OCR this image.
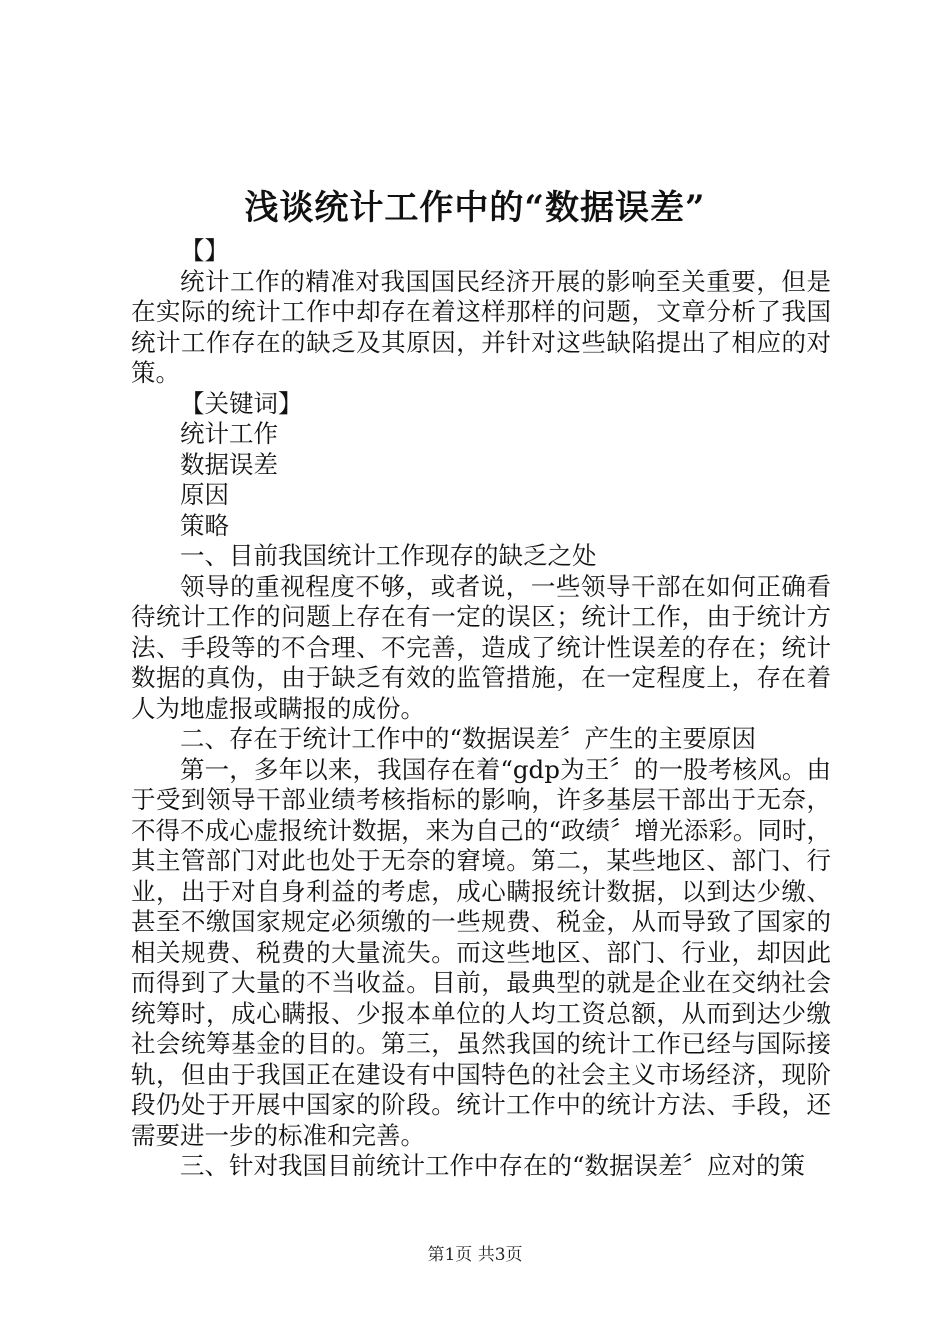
浅谈统计工作中的“数据误差”

【】

统计工作的精准对我国国民经济开展的影响至关重要，但是在实际的统计工作中却存在着这样那样的问题，文章分析了我国统计工作存在的缺乏及其原因，并针对这些缺陷提出了相应的对策。

【关键词】

统计工作

数据误差

原因

策略

一、目前我国统计工作现存的缺乏之处

领导的重视程度不够，或者说，一些领导干部在如何正确看待统计工作的问题上存在有一定的误区；统计工作，由于统计方法、手段等的不合理、不完善，造成了统计性误差的存在；统计数据的真伪，由于缺乏有效的监管措施，在一定程度上，存在着人为地虚报或瞒报的成份。

二、存在于统计工作中的“数据误差〞产生的主要原因

第一，多年以来，我国存在着“gdp为王〞的一股考核风。由于受到领导干部业绩考核指标的影响，许多基层干部出于无奈，不得不成心虚报统计数据，来为自己的“政绩〞增光添彩。同时，其主管部门对此也处于无奈的窘境。第二，某些地区、部门、行业，出于对自身利益的考虑，成心瞒报统计数据，以到达少缴、甚至不缴国家规定必须缴的一些规费、税金，从而导致了国家的相关规费、税费的大量流失。而这些地区、部门、行业，却因此而得到了大量的不当收益。目前，最典型的就是企业在交纳社会统筹时，成心瞒报、少报本单位的人均工资总额，从而到达少缴社会统筹基金的目的。第三，虽然我国的统计工作已经与国际接轨，但由于我国正在建设有中国特色的社会主义市场经济，现阶段仍处于开展中国家的阶段。统计工作中的统计方法、手段，还需要进一步的标准和完善。

三、针对我国目前统计工作中存在的“数据误差〞应对的策

第1页 共3页
